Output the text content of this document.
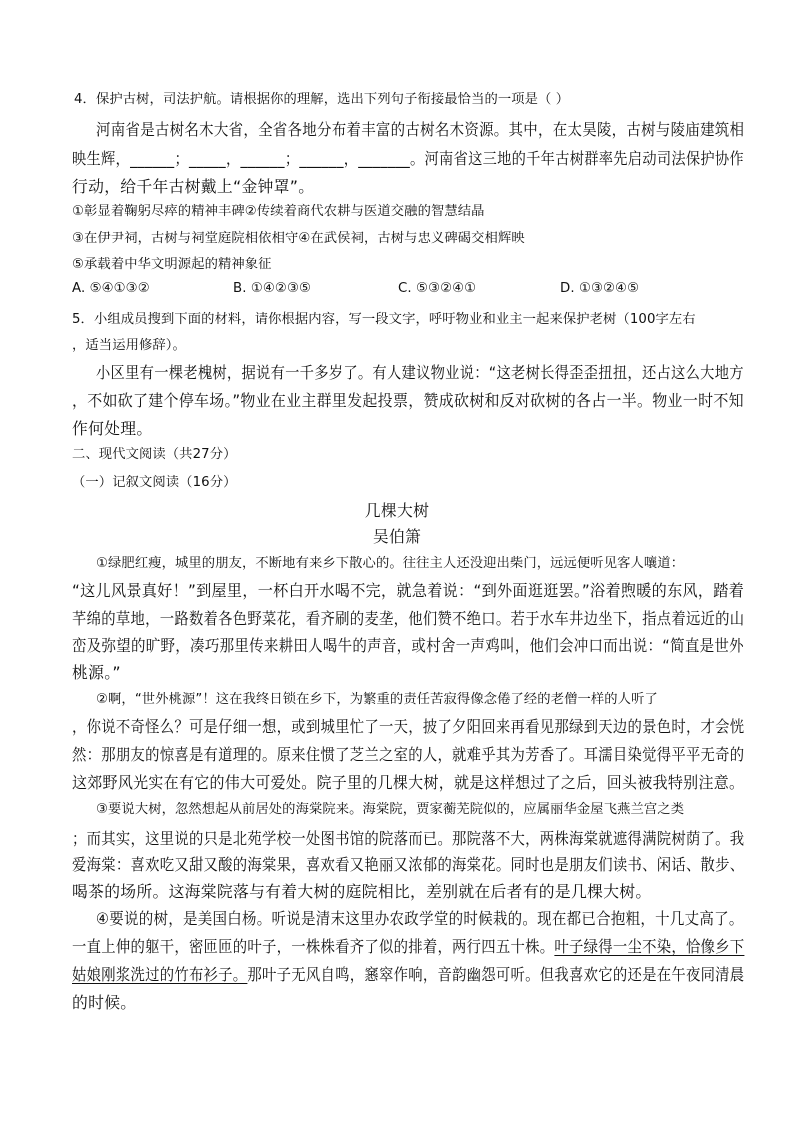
4．保护古树，司法护航。请根据你的理解，选出下列句子衔接最恰当的一项是（ ）
河南省是古树名木大省，全省各地分布着丰富的古树名木资源。其中，在太昊陵，古树与陵庙建筑相
映生辉，______；_____，______；______，_______。河南省这三地的千年古树群率先启动司法保护协作
行动，给千年古树戴上“金钟罩”。
①彰显着鞠躬尽瘁的精神丰碑②传续着商代农耕与医道交融的智慧结晶
③在伊尹祠，古树与祠堂庭院相依相守④在武侯祠，古树与忠义碑碣交相辉映
⑤承载着中华文明源起的精神象征
A. ⑤④①③②	B. ①④②③⑤	C. ⑤③②④①	D. ①③②④⑤
5．小组成员搜到下面的材料，请你根据内容，写一段文字，呼吁物业和业主一起来保护老树（100字左右
，适当运用修辞）。
小区里有一棵老槐树，据说有一千多岁了。有人建议物业说：“这老树长得歪歪扭扭，还占这么大地方
，不如砍了建个停车场。”物业在业主群里发起投票，赞成砍树和反对砍树的各占一半。物业一时不知
作何处理。
二、现代文阅读（共27分）
（一）记叙文阅读（16分）
几棵大树
吴伯箫
①绿肥红瘦，城里的朋友，不断地有来乡下散心的。往往主人还没迎出柴门，远远便听见客人嚷道：
“这儿风景真好！”到屋里，一杯白开水喝不完，就急着说：“到外面逛逛罢。”浴着煦暖的东风，踏着
芊绵的草地，一路数着各色野菜花，看齐刷的麦垄，他们赞不绝口。若于水车井边坐下，指点着远近的山
峦及弥望的旷野，凑巧那里传来耕田人喝牛的声音，或村舍一声鸡叫，他们会冲口而出说：“简直是世外
桃源。”
②啊，“世外桃源”！这在我终日锁在乡下，为繁重的责任苦寂得像念倦了经的老僧一样的人听了
，你说不奇怪么？可是仔细一想，或到城里忙了一天，披了夕阳回来再看见那绿到天边的景色时，才会恍
然：那朋友的惊喜是有道理的。原来住惯了芝兰之室的人，就难乎其为芳香了。耳濡目染觉得平平无奇的
这郊野风光实在有它的伟大可爱处。院子里的几棵大树，就是这样想过了之后，回头被我特别注意。
③要说大树，忽然想起从前居处的海棠院来。海棠院，贾家蘅芜院似的，应属丽华金屋飞燕兰宫之类
；而其实，这里说的只是北苑学校一处图书馆的院落而已。那院落不大，两株海棠就遮得满院树荫了。我
爱海棠：喜欢吃又甜又酸的海棠果，喜欢看又艳丽又浓郁的海棠花。同时也是朋友们读书、闲话、散步、
喝茶的场所。这海棠院落与有着大树的庭院相比，差别就在后者有的是几棵大树。
④要说的树，是美国白杨。听说是清末这里办农政学堂的时候栽的。现在都已合抱粗，十几丈高了。
一直上伸的躯干，密匝匝的叶子，一株株看齐了似的排着，两行四五十株。叶子绿得一尘不染，恰像乡下
姑娘刚浆洗过的竹布衫子。那叶子无风自鸣，窸窣作响，音韵幽怨可听。但我喜欢它的还是在午夜同清晨
的时候。
